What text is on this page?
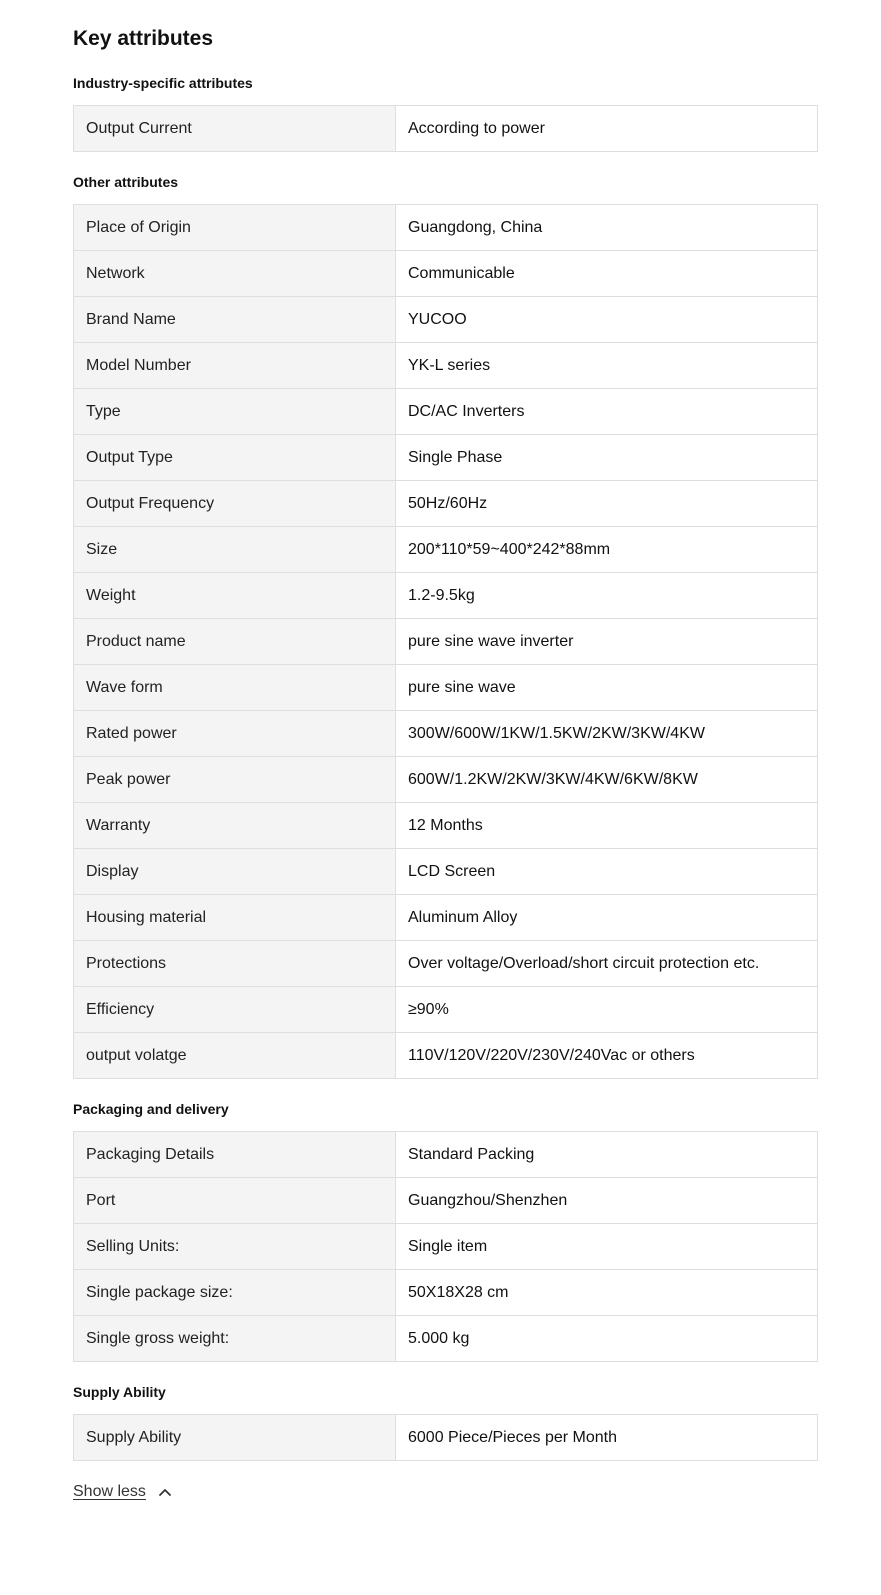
Key attributes
Industry-specific attributes
Output Current	According to power
Other attributes
Place of Origin	Guangdong, China
Network	Communicable
Brand Name	YUCOO
Model Number	YK-L series
Type	DC/AC Inverters
Output Type	Single Phase
Output Frequency	50Hz/60Hz
Size	200*110*59~400*242*88mm
Weight	1.2-9.5kg
Product name	pure sine wave inverter
Wave form	pure sine wave
Rated power	300W/600W/1KW/1.5KW/2KW/3KW/4KW
Peak power	600W/1.2KW/2KW/3KW/4KW/6KW/8KW
Warranty	12 Months
Display	LCD Screen
Housing material	Aluminum Alloy
Protections	Over voltage/Overload/short circuit protection etc.
Efficiency	≥90%
output volatge	110V/120V/220V/230V/240Vac or others
Packaging and delivery
Packaging Details	Standard Packing
Port	Guangzhou/Shenzhen
Selling Units:	Single item
Single package size:	50X18X28 cm
Single gross weight:	5.000 kg
Supply Ability
Supply Ability	6000 Piece/Pieces per Month
Show less
